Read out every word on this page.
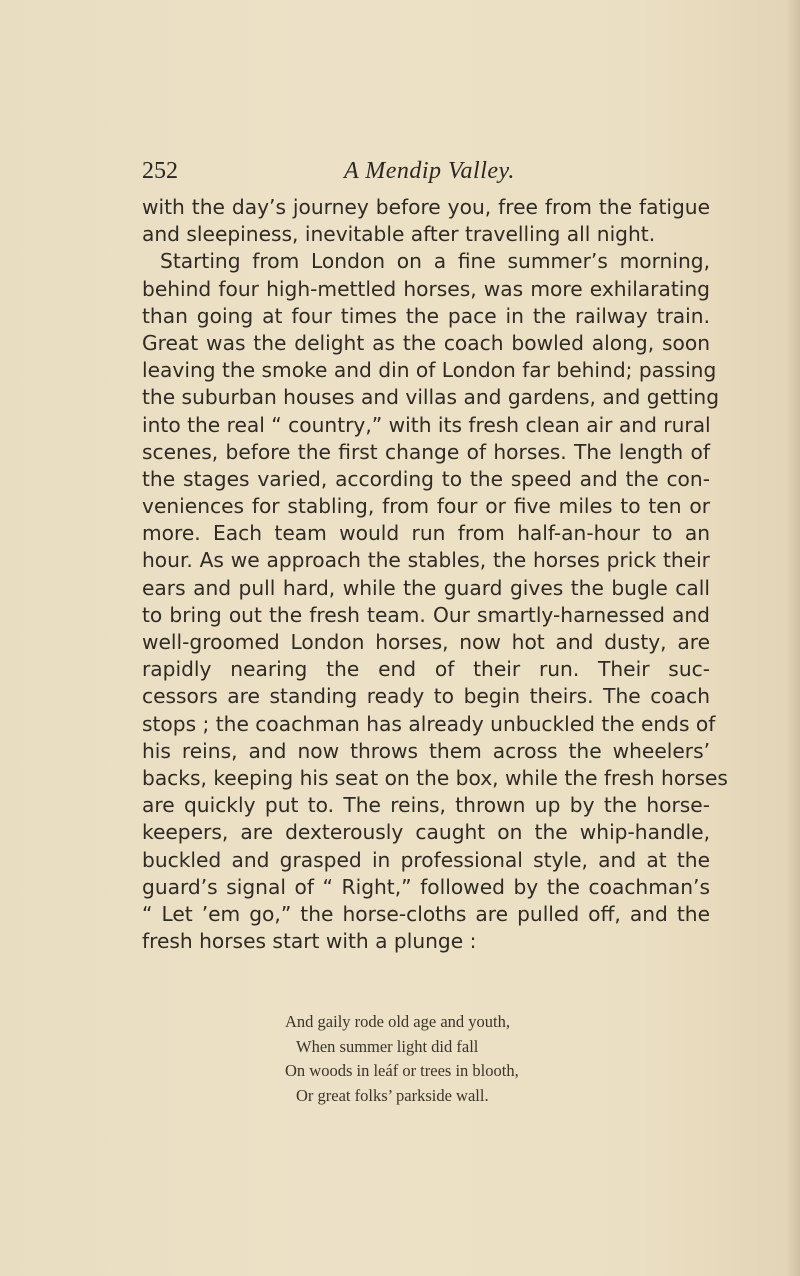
252	A Mendip Valley.
with the day’s journey before you, free from the fatigue
and sleepiness, inevitable after travelling all night.
Starting from London on a fine summer’s morning,
behind four high-mettled horses, was more exhilarating
than going at four times the pace in the railway train.
Great was the delight as the coach bowled along, soon
leaving the smoke and din of London far behind; passing
the suburban houses and villas and gardens, and getting
into the real “ country,” with its fresh clean air and rural
scenes, before the first change of horses. The length of
the stages varied, according to the speed and the con-
veniences for stabling, from four or five miles to ten or
more. Each team would run from half-an-hour to an
hour. As we approach the stables, the horses prick their
ears and pull hard, while the guard gives the bugle call
to bring out the fresh team. Our smartly-harnessed and
well-groomed London horses, now hot and dusty, are
rapidly nearing the end of their run. Their suc-
cessors are standing ready to begin theirs. The coach
stops ; the coachman has already unbuckled the ends of
his reins, and now throws them across the wheelers’
backs, keeping his seat on the box, while the fresh horses
are quickly put to. The reins, thrown up by the horse-
keepers, are dexterously caught on the whip-handle,
buckled and grasped in professional style, and at the
guard’s signal of “ Right,” followed by the coachman’s
“ Let ’em go,” the horse-cloths are pulled off, and the
fresh horses start with a plunge :
And gaily rode old age and youth,
When summer light did fall
On woods in leáf or trees in blooth,
Or great folks’ parkside wall.
